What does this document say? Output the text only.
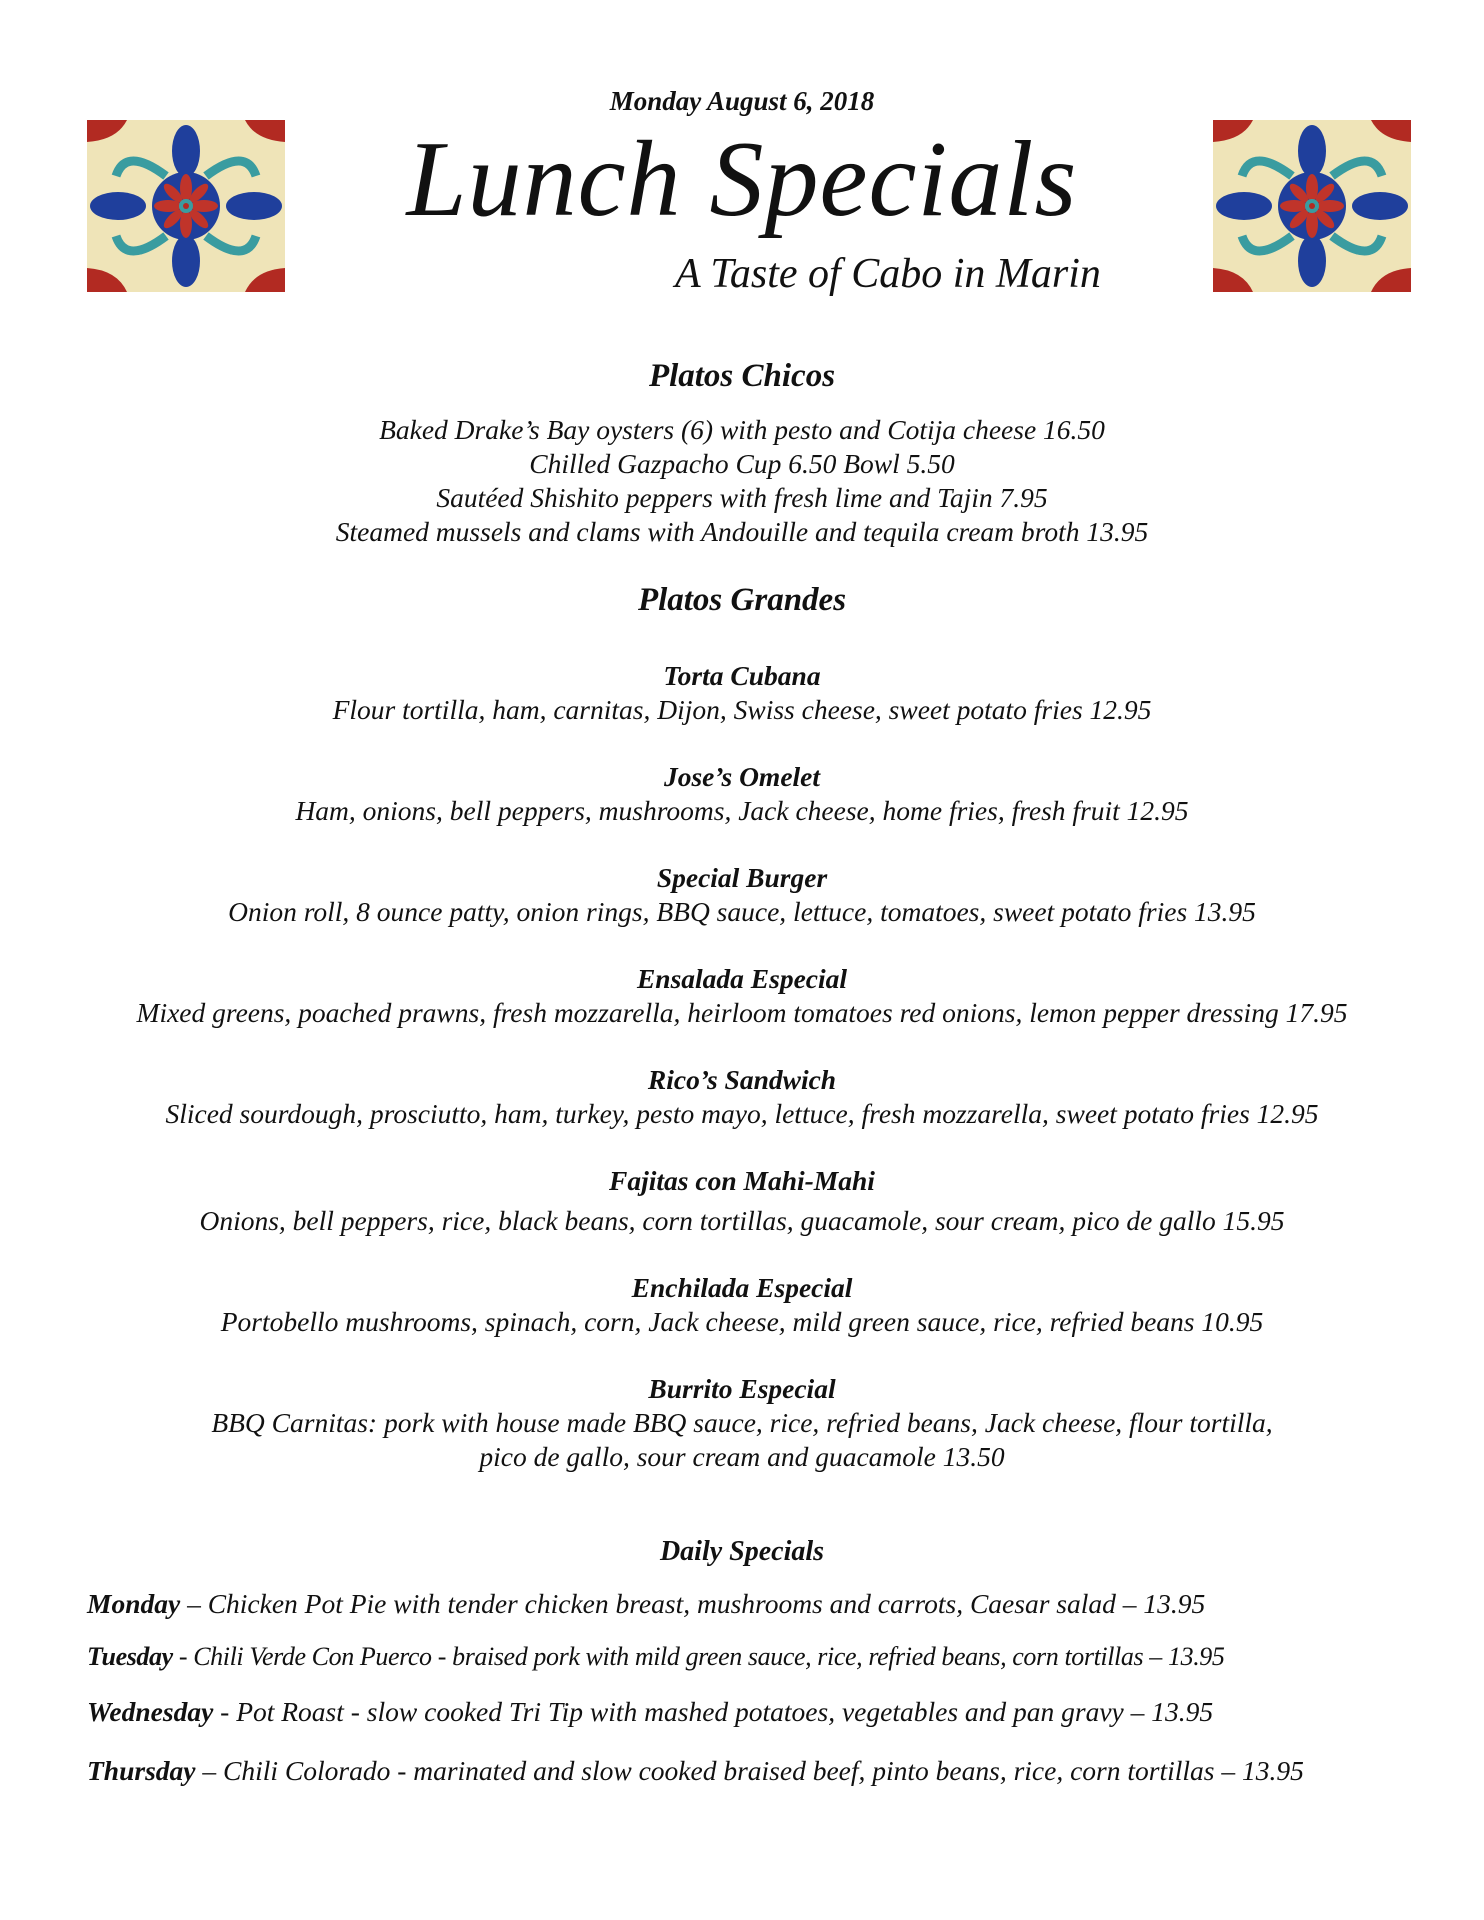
Monday August 6, 2018
Lunch Specials
A Taste of Cabo in Marin
Platos Chicos
Baked Drake’s Bay oysters (6) with pesto and Cotija cheese 16.50
Chilled Gazpacho Cup 6.50 Bowl 5.50
Sautéed Shishito peppers with fresh lime and Tajin 7.95
Steamed mussels and clams with Andouille and tequila cream broth 13.95
Platos Grandes
Torta Cubana
Flour tortilla, ham, carnitas, Dijon, Swiss cheese, sweet potato fries 12.95
Jose’s Omelet
Ham, onions, bell peppers, mushrooms, Jack cheese, home fries, fresh fruit 12.95
Special Burger
Onion roll, 8 ounce patty, onion rings, BBQ sauce, lettuce, tomatoes, sweet potato fries 13.95
Ensalada Especial
Mixed greens, poached prawns, fresh mozzarella, heirloom tomatoes red onions, lemon pepper dressing 17.95
Rico’s Sandwich
Sliced sourdough, prosciutto, ham, turkey, pesto mayo, lettuce, fresh mozzarella, sweet potato fries 12.95
Fajitas con Mahi-Mahi
Onions, bell peppers, rice, black beans, corn tortillas, guacamole, sour cream, pico de gallo 15.95
Enchilada Especial
Portobello mushrooms, spinach, corn, Jack cheese, mild green sauce, rice, refried beans 10.95
Burrito Especial
BBQ Carnitas: pork with house made BBQ sauce, rice, refried beans, Jack cheese, flour tortilla,
pico de gallo, sour cream and guacamole 13.50
Daily Specials
Monday – Chicken Pot Pie with tender chicken breast, mushrooms and carrots, Caesar salad – 13.95
Tuesday - Chili Verde Con Puerco - braised pork with mild green sauce, rice, refried beans, corn tortillas – 13.95
Wednesday - Pot Roast - slow cooked Tri Tip with mashed potatoes, vegetables and pan gravy – 13.95
Thursday – Chili Colorado - marinated and slow cooked braised beef, pinto beans, rice, corn tortillas – 13.95
